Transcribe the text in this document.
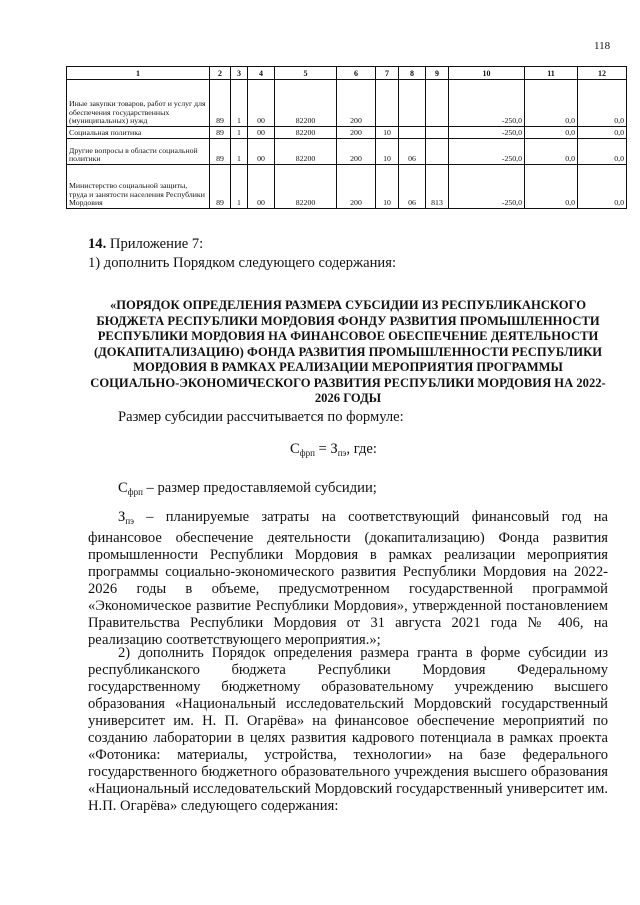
118
1	2	3	4	5	6	7	8	9	10	11	12
Иные закупки товаров, работ и услуг для обеспечения государственных (муниципальных) нужд	89	1	00	82200	200				-250,0	0,0	0,0
Социальная политика	89	1	00	82200	200	10			-250,0	0,0	0,0
Другие вопросы в области социальной политики	89	1	00	82200	200	10	06		-250,0	0,0	0,0
Министерство социальной защиты, труда и занятости населения Республики Мордовия	89	1	00	82200	200	10	06	813	-250,0	0,0	0,0
14. Приложение 7:
1) дополнить Порядком следующего содержания:
«ПОРЯДОК ОПРЕДЕЛЕНИЯ РАЗМЕРА СУБСИДИИ ИЗ РЕСПУБЛИКАНСКОГО БЮДЖЕТА РЕСПУБЛИКИ МОРДОВИЯ ФОНДУ РАЗВИТИЯ ПРОМЫШЛЕННОСТИ РЕСПУБЛИКИ МОРДОВИЯ НА ФИНАНСОВОЕ ОБЕСПЕЧЕНИЕ ДЕЯТЕЛЬНОСТИ (ДОКАПИТАЛИЗАЦИЮ) ФОНДА РАЗВИТИЯ ПРОМЫШЛЕННОСТИ РЕСПУБЛИКИ МОРДОВИЯ В РАМКАХ РЕАЛИЗАЦИИ МЕРОПРИЯТИЯ ПРОГРАММЫ СОЦИАЛЬНО-ЭКОНОМИЧЕСКОГО РАЗВИТИЯ РЕСПУБЛИКИ МОРДОВИЯ НА 2022-2026 ГОДЫ
Размер субсидии рассчитывается по формуле:
$С_{фрп} = З_{пэ}$, где:
$С_{фрп}$ – размер предоставляемой субсидии;
$З_{пэ}$ – планируемые затраты на соответствующий финансовый год на финансовое обеспечение деятельности (докапитализацию) Фонда развития промышленности Республики Мордовия в рамках реализации мероприятия программы социально-экономического развития Республики Мордовия на 2022-2026 годы в объеме, предусмотренном государственной программой «Экономическое развитие Республики Мордовия», утвержденной постановлением Правительства Республики Мордовия от 31 августа 2021 года № 406, на реализацию соответствующего мероприятия.»;
2) дополнить Порядок определения размера гранта в форме субсидии из республиканского бюджета Республики Мордовия Федеральному государственному бюджетному образовательному учреждению высшего образования «Национальный исследовательский Мордовский государственный университет им. Н. П. Огарёва» на финансовое обеспечение мероприятий по созданию лаборатории в целях развития кадрового потенциала в рамках проекта «Фотоника: материалы, устройства, технологии» на базе федерального государственного бюджетного образовательного учреждения высшего образования «Национальный исследовательский Мордовский государственный университет им. Н.П. Огарёва» следующего содержания:
